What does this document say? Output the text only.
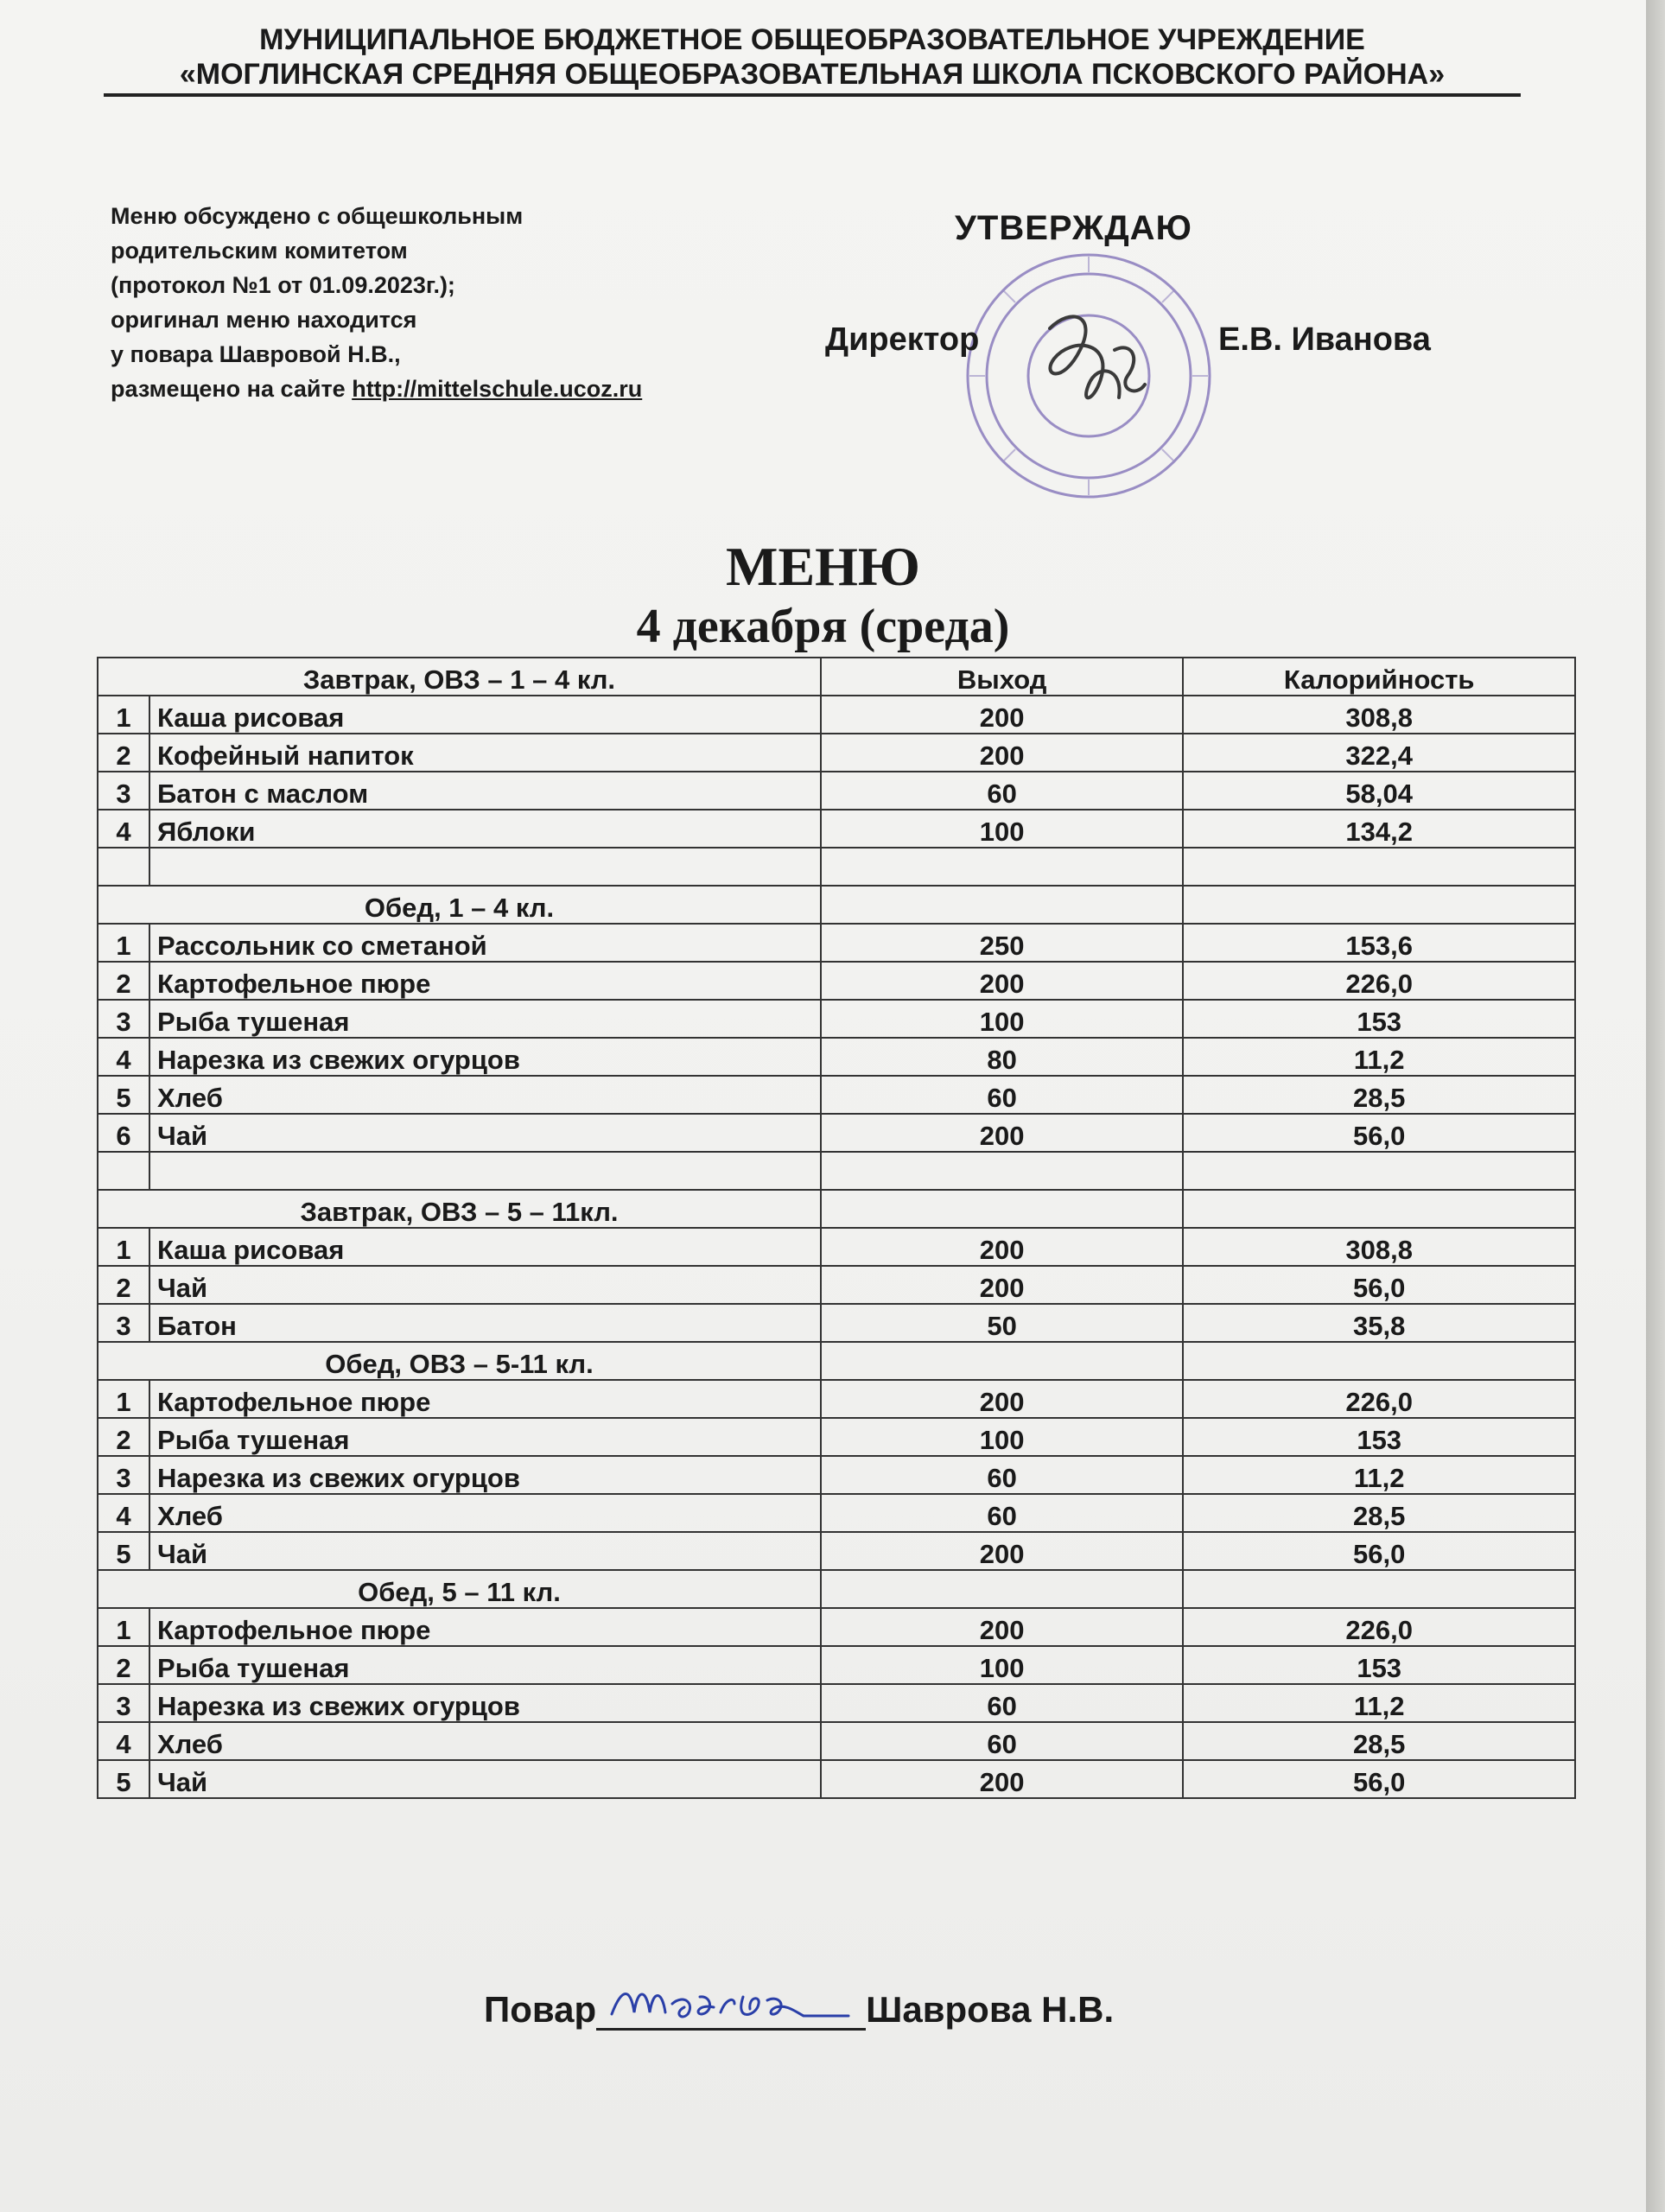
МУНИЦИПАЛЬНОЕ БЮДЖЕТНОЕ ОБЩЕОБРАЗОВАТЕЛЬНОЕ УЧРЕЖДЕНИЕ
«МОГЛИНСКАЯ СРЕДНЯЯ ОБЩЕОБРАЗОВАТЕЛЬНАЯ ШКОЛА ПСКОВСКОГО РАЙОНА»
Меню обсуждено с общешкольным
родительским комитетом
(протокол №1 от 01.09.2023г.);
оригинал меню находится
у повара Шавровой Н.В.,
размещено на сайте http://mittelschule.ucoz.ru
УТВЕРЖДАЮ
Директор	Е.В. Иванова
МЕНЮ
4 декабря (среда)
Завтрак, ОВЗ – 1 – 4 кл.		Выход	Калорийность
1	Каша рисовая	200	308,8
2	Кофейный напиток	200	322,4
3	Батон с маслом	60	58,04
4	Яблоки	100	134,2

Обед, 1 – 4 кл.			
1	Рассольник со сметаной	250	153,6
2	Картофельное пюре	200	226,0
3	Рыба тушеная	100	153
4	Нарезка из свежих огурцов	80	11,2
5	Хлеб	60	28,5
6	Чай	200	56,0

Завтрак, ОВЗ – 5 – 11кл.			
1	Каша рисовая	200	308,8
2	Чай	200	56,0
3	Батон	50	35,8
Обед, ОВЗ – 5-11 кл.			
1	Картофельное пюре	200	226,0
2	Рыба тушеная	100	153
3	Нарезка из свежих огурцов	60	11,2
4	Хлеб	60	28,5
5	Чай	200	56,0
Обед, 5 – 11 кл.			
1	Картофельное пюре	200	226,0
2	Рыба тушеная	100	153
3	Нарезка из свежих огурцов	60	11,2
4	Хлеб	60	28,5
5	Чай	200	56,0
Повар	Шаврова Н.В.
